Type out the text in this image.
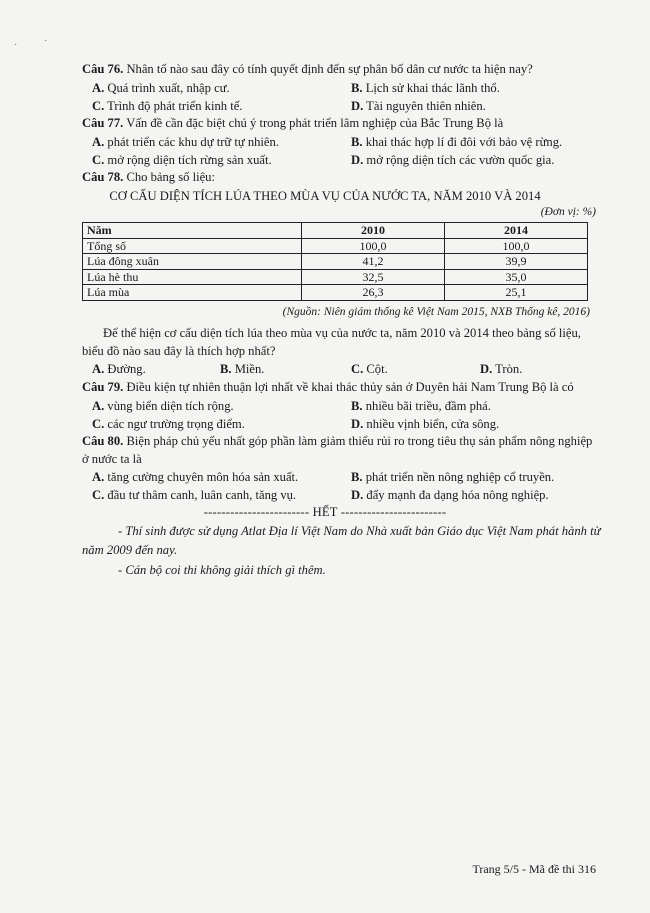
·	·
Câu 76. Nhân tố nào sau đây có tính quyết định đến sự phân bố dân cư nước ta hiện nay?
A. Quá trình xuất, nhập cư.	B. Lịch sử khai thác lãnh thổ.
C. Trình độ phát triển kinh tế.	D. Tài nguyên thiên nhiên.
Câu 77. Vấn đề cần đặc biệt chú ý trong phát triển lâm nghiệp của Bắc Trung Bộ là
A. phát triển các khu dự trữ tự nhiên.	B. khai thác hợp lí đi đôi với bảo vệ rừng.
C. mở rộng diện tích rừng sản xuất.	D. mở rộng diện tích các vườn quốc gia.
Câu 78. Cho bảng số liệu:
CƠ CẤU DIỆN TÍCH LÚA THEO MÙA VỤ CỦA NƯỚC TA, NĂM 2010 VÀ 2014
(Đơn vị: %)
Năm	2010	2014
Tổng số	100,0	100,0
Lúa đông xuân	41,2	39,9
Lúa hè thu	32,5	35,0
Lúa mùa	26,3	25,1
(Nguồn: Niên giám thống kê Việt Nam 2015, NXB Thống kê, 2016)
Để thể hiện cơ cấu diện tích lúa theo mùa vụ của nước ta, năm 2010 và 2014 theo bảng số liệu,
biểu đồ nào sau đây là thích hợp nhất?
A. Đường.	B. Miền.	C. Cột.	D. Tròn.
Câu 79. Điều kiện tự nhiên thuận lợi nhất về khai thác thủy sản ở Duyên hải Nam Trung Bộ là có
A. vùng biển diện tích rộng.	B. nhiều bãi triều, đầm phá.
C. các ngư trường trọng điểm.	D. nhiều vịnh biển, cửa sông.
Câu 80. Biện pháp chủ yếu nhất góp phần làm giảm thiểu rủi ro trong tiêu thụ sản phẩm nông nghiệp
ở nước ta là
A. tăng cường chuyên môn hóa sản xuất.	B. phát triển nền nông nghiệp cổ truyền.
C. đầu tư thâm canh, luân canh, tăng vụ.	D. đẩy mạnh đa dạng hóa nông nghiệp.
------------------------ HẾT ------------------------
- Thí sinh được sử dụng Atlat Địa lí Việt Nam do Nhà xuất bản Giáo dục Việt Nam phát hành từ
năm 2009 đến nay.
- Cán bộ coi thi không giải thích gì thêm.
Trang 5/5 - Mã đề thi 316
